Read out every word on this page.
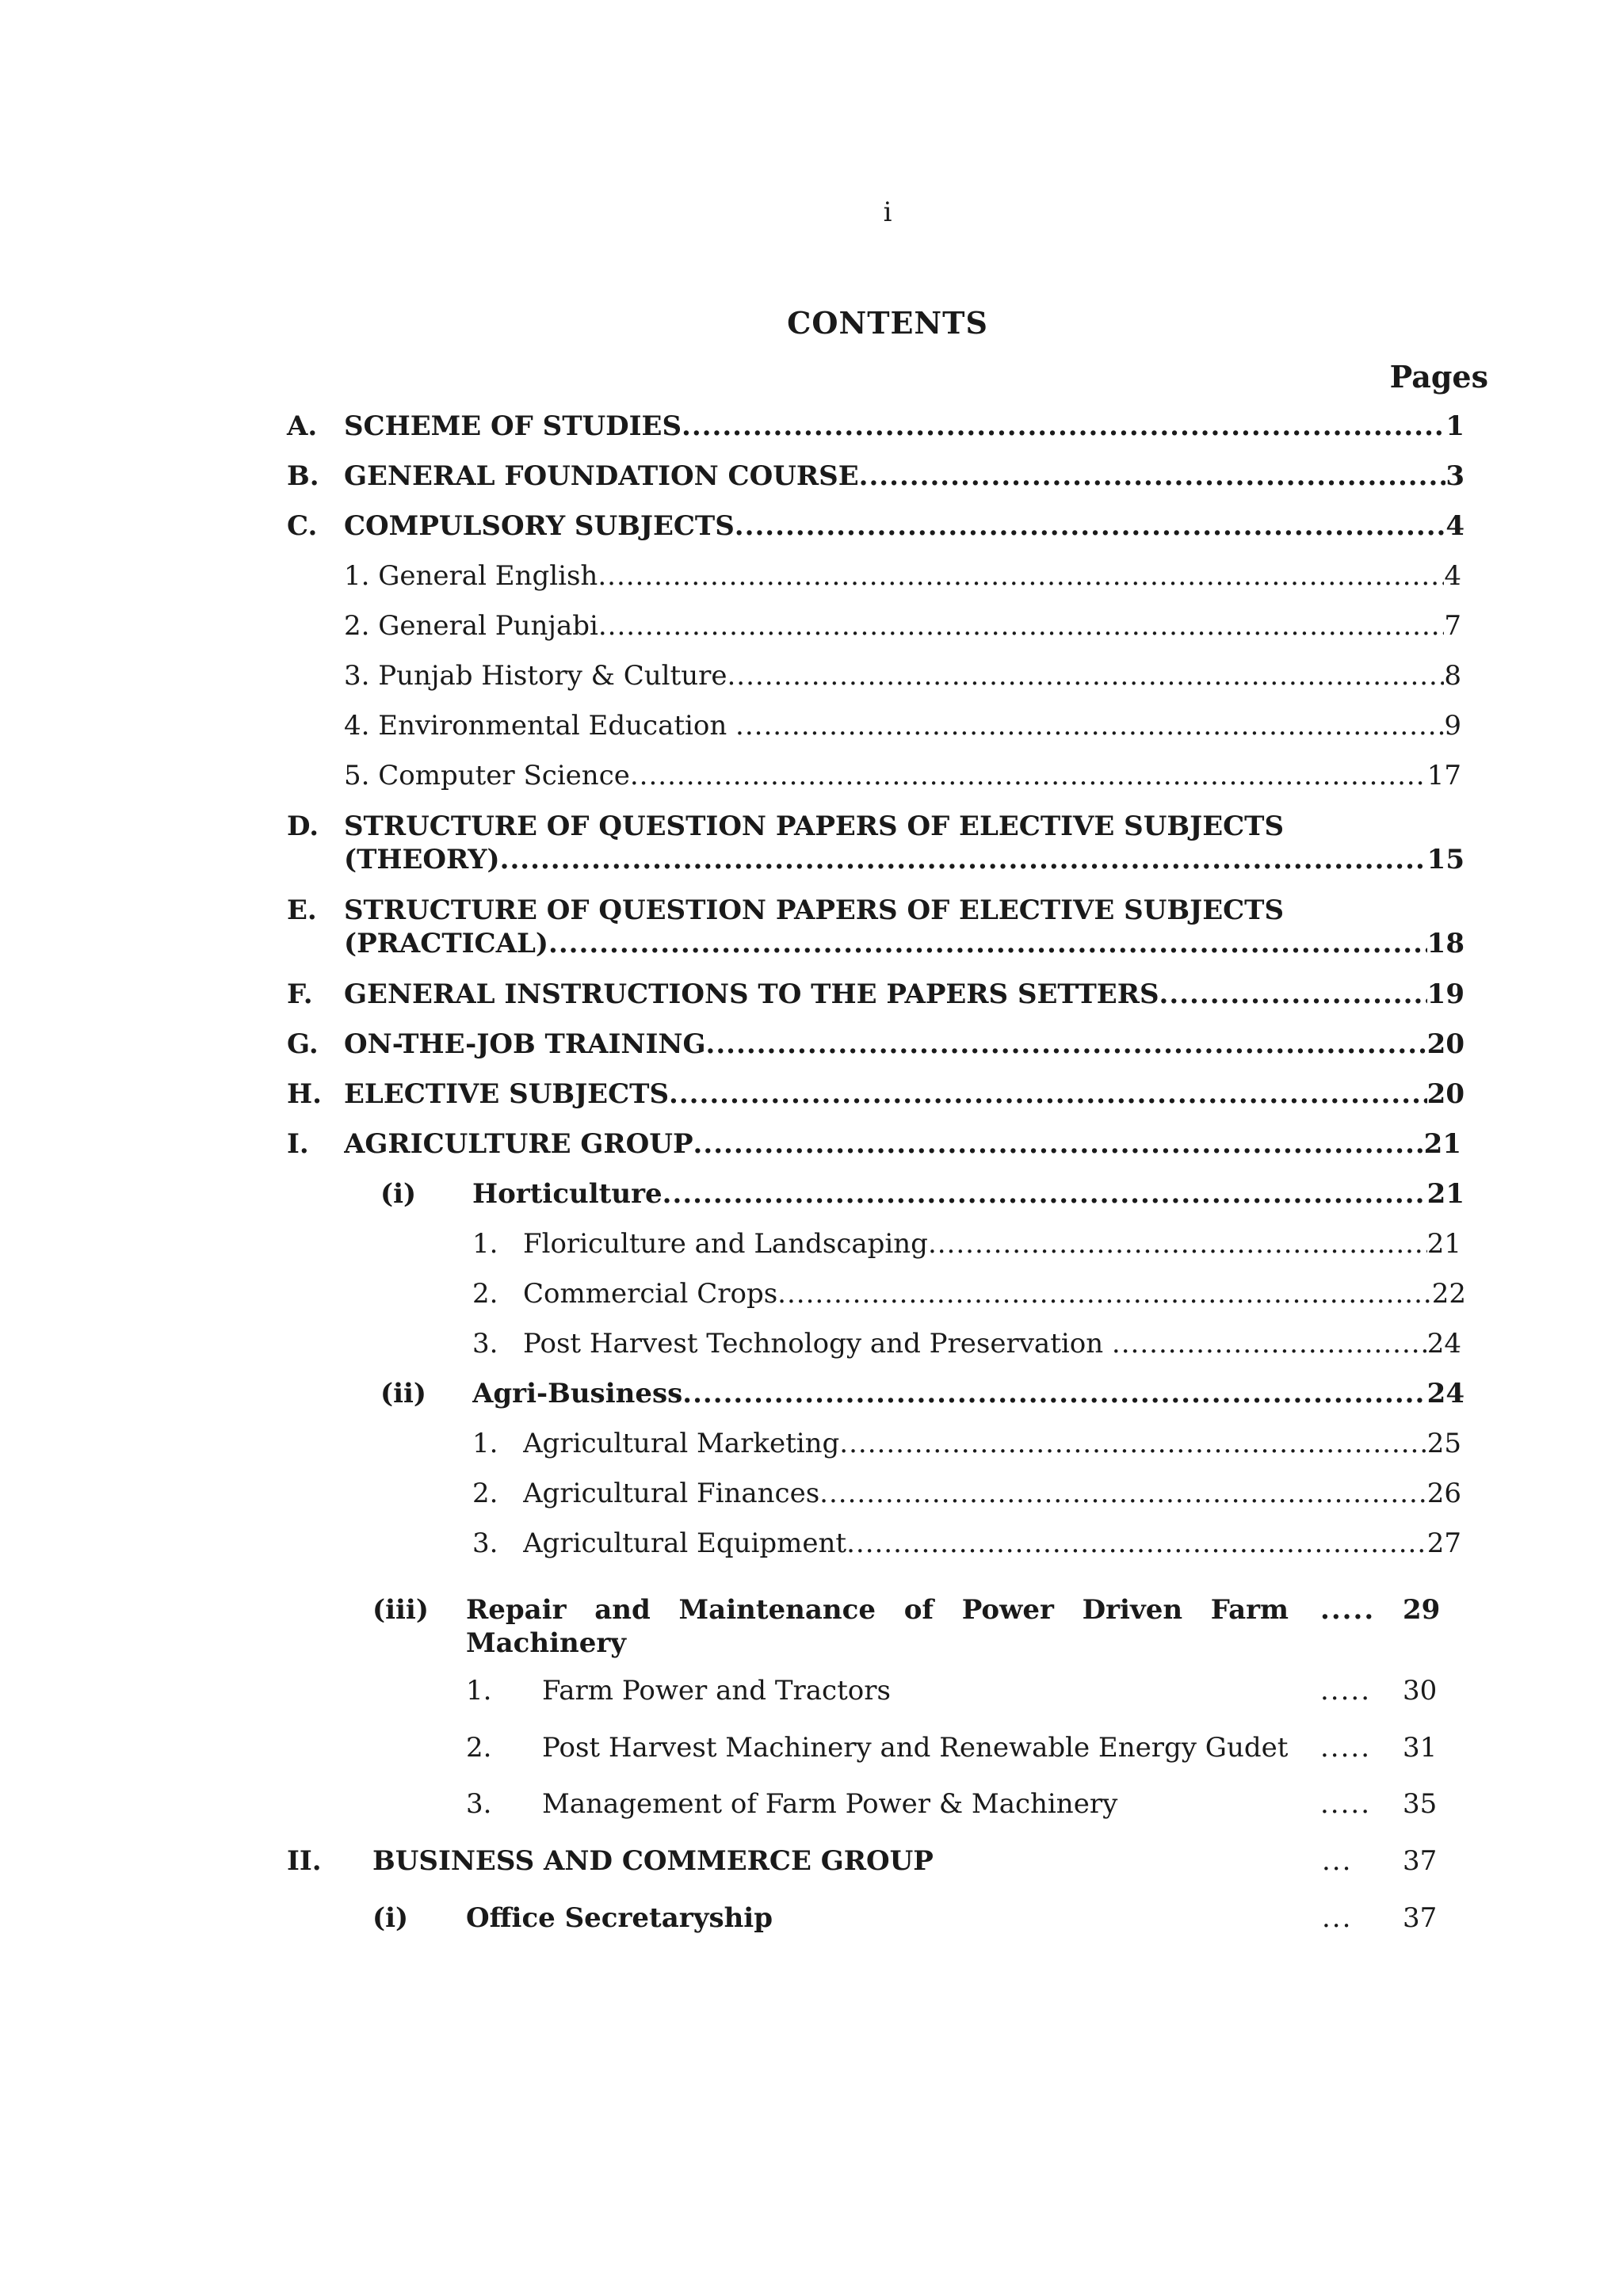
i
CONTENTS
Pages
A. SCHEME OF STUDIES .....	1
B. GENERAL FOUNDATION COURSE .....	3
C. COMPULSORY SUBJECTS .....	4
1. General English .....	4
2. General Punjabi .....	7
3. Punjab History & Culture .....	8
4. Environmental Education .....	9
5. Computer Science .....	17
D. STRUCTURE OF QUESTION PAPERS OF ELECTIVE SUBJECTS
(THEORY) .....	15
E. STRUCTURE OF QUESTION PAPERS OF ELECTIVE SUBJECTS
(PRACTICAL) .....	18
F. GENERAL INSTRUCTIONS TO THE PAPERS SETTERS .....	19
G. ON-THE-JOB TRAINING .....	20
H. ELECTIVE SUBJECTS .....	20
I. AGRICULTURE GROUP .....	21
(i) Horticulture .....	21
1. Floriculture and Landscaping .....	21
2. Commercial Crops .....	22
3. Post Harvest Technology and Preservation .....	24
(ii) Agri-Business .....	24
1. Agricultural Marketing .....	25
2. Agricultural Finances .....	26
3. Agricultural Equipment .....	27
(iii) Repair and Maintenance of Power Driven Farm
Machinery
..... 29
1. Farm Power and Tractors	..... 30
2. Post Harvest Machinery and Renewable Energy Gudet ..... 31
3. Management of Farm Power & Machinery	..... 35
II. BUSINESS AND COMMERCE GROUP	... 37
(i) Office Secretaryship	... 37
